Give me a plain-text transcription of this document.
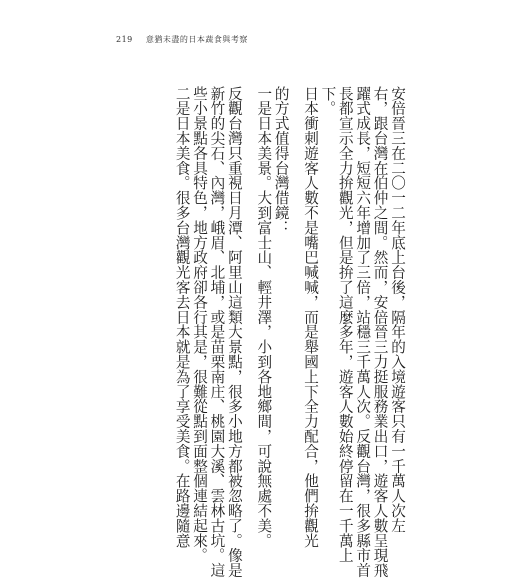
219 意猶未盡的日本蔬食與考察
安倍晉三在二〇一二年底上台後，隔年的入境遊客只有一千萬人次左
右，跟台灣在伯仲之間。然而，安倍晉三力挺服務業出口，遊客人數呈現飛
躍式成長，短短六年增加了三倍，站穩三千萬人次。反觀台灣，很多縣市首
長都宣示全力拚觀光，但是拚了這麼多年，遊客人數始終停留在一千萬上
下。
日本衝刺遊客人數不是嘴巴喊喊，而是舉國上下全力配合，他們拚觀光
的方式值得台灣借鏡：
一是日本美景。大到富士山、輕井澤，小到各地鄉間，可說無處不美。
反觀台灣只重視日月潭、阿里山這類大景點，很多小地方都被忽略了。像是
新竹的尖石、內灣，峨眉、北埔，或是苗栗南庄、桃園大溪、雲林古坑。這
些小景點各具特色，地方政府卻各行其是，很難從點到面整個連結起來。
二是日本美食。很多台灣觀光客去日本就是為了享受美食。在路邊隨意
